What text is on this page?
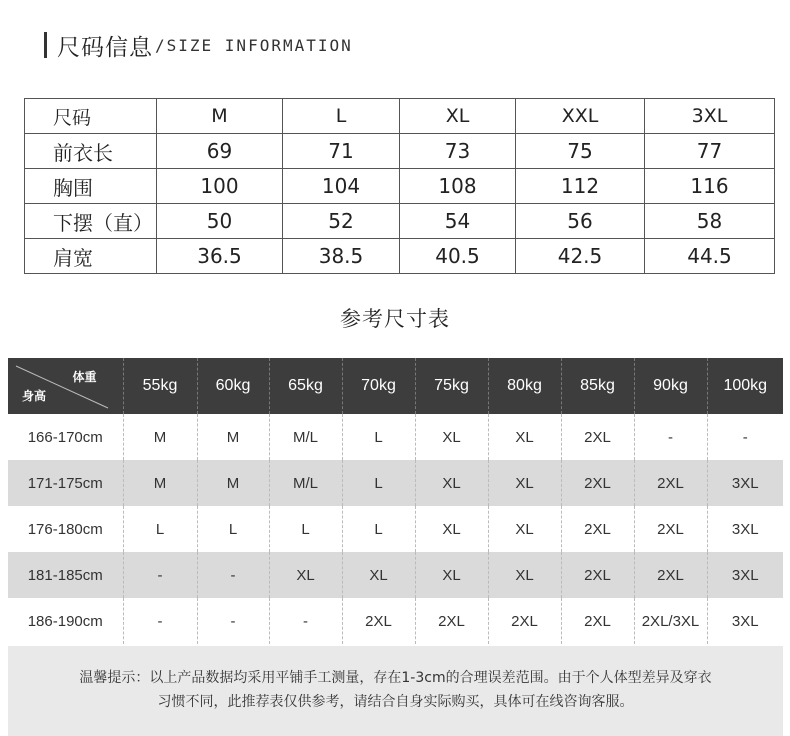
尺码信息 /SIZE INFORMATION
尺码	M	L	XL	XXL	3XL
前衣长	69	71	73	75	77
胸围	100	104	108	112	116
下摆（直）	50	52	54	56	58
肩宽	36.5	38.5	40.5	42.5	44.5
参考尺寸表
体重
身高	55kg	60kg	65kg	70kg	75kg	80kg	85kg	90kg	100kg
166-170cm	M	M	M/L	L	XL	XL	2XL	-	-
171-175cm	M	M	M/L	L	XL	XL	2XL	2XL	3XL
176-180cm	L	L	L	L	XL	XL	2XL	2XL	3XL
181-185cm	-	-	XL	XL	XL	XL	2XL	2XL	3XL
186-190cm	-	-	-	2XL	2XL	2XL	2XL	2XL/3XL	3XL
温馨提示：以上产品数据均采用平铺手工测量，存在1-3cm的合理误差范围。由于个人体型差异及穿衣
习惯不同，此推荐表仅供参考，请结合自身实际购买，具体可在线咨询客服。
